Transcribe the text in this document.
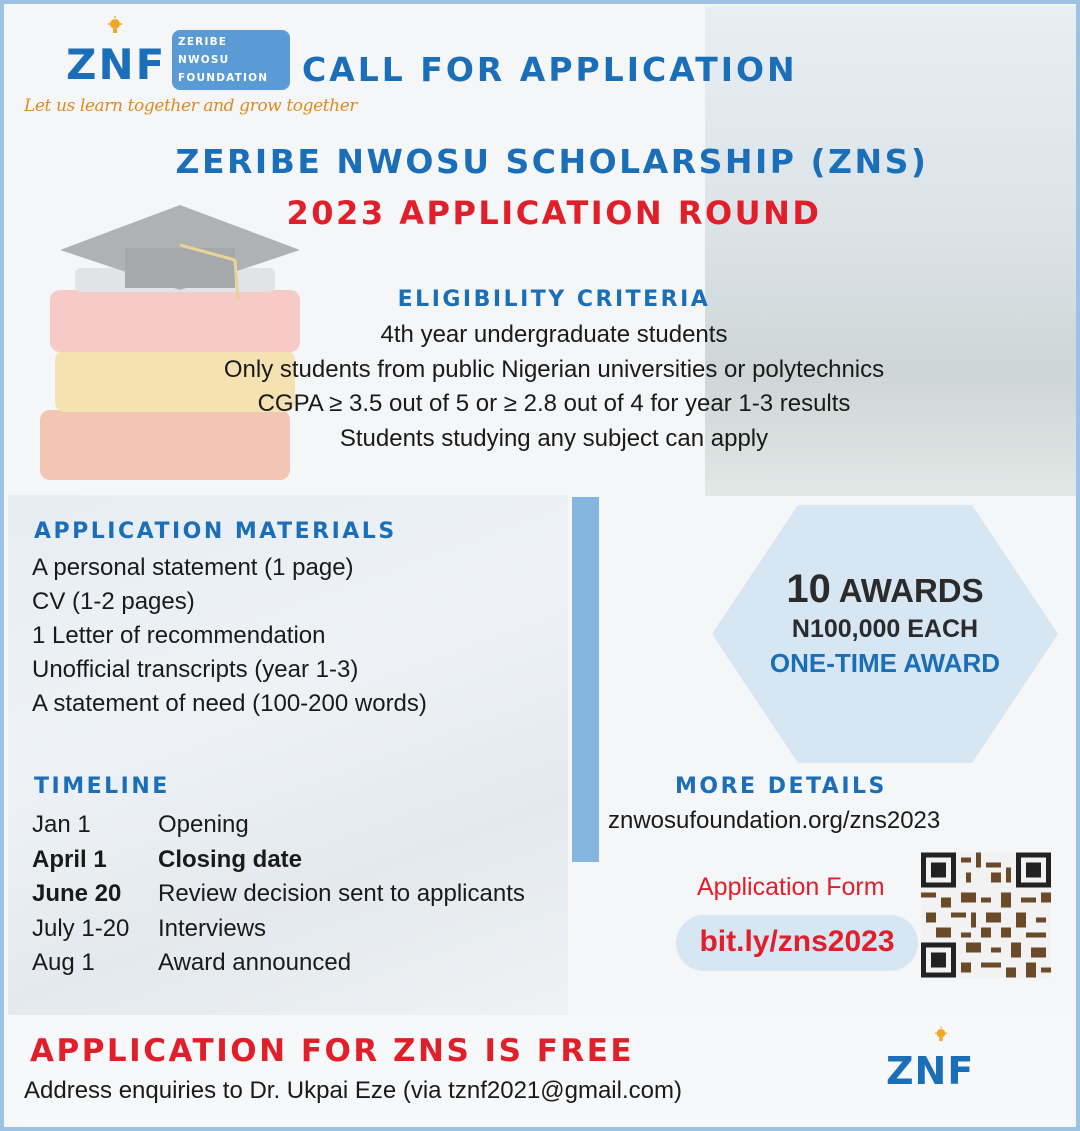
ZNF ZERIBE
NWOSU
FOUNDATION
Let us learn together and grow together
CALL FOR APPLICATION
ZERIBE NWOSU SCHOLARSHIP (ZNS)
2023 APPLICATION ROUND
ELIGIBILITY CRITERIA
4th year undergraduate students
Only students from public Nigerian universities or polytechnics
CGPA ≥ 3.5 out of 5 or ≥ 2.8 out of 4 for year 1-3 results
Students studying any subject can apply
APPLICATION MATERIALS
A personal statement (1 page)
CV (1-2 pages)
1 Letter of recommendation
Unofficial transcripts (year 1-3)
A statement of need (100-200 words)
TIMELINE
Jan 1	Opening
April 1	Closing date
June 20	Review decision sent to applicants
July 1-20	Interviews
Aug 1	Award announced
10 AWARDS
N100,000 EACH
ONE-TIME AWARD
MORE DETAILS
znwosufoundation.org/zns2023
Application Form
bit.ly/zns2023
APPLICATION FOR ZNS IS FREE
Address enquiries to Dr. Ukpai Eze (via tznf2021@gmail.com)	ZNF
